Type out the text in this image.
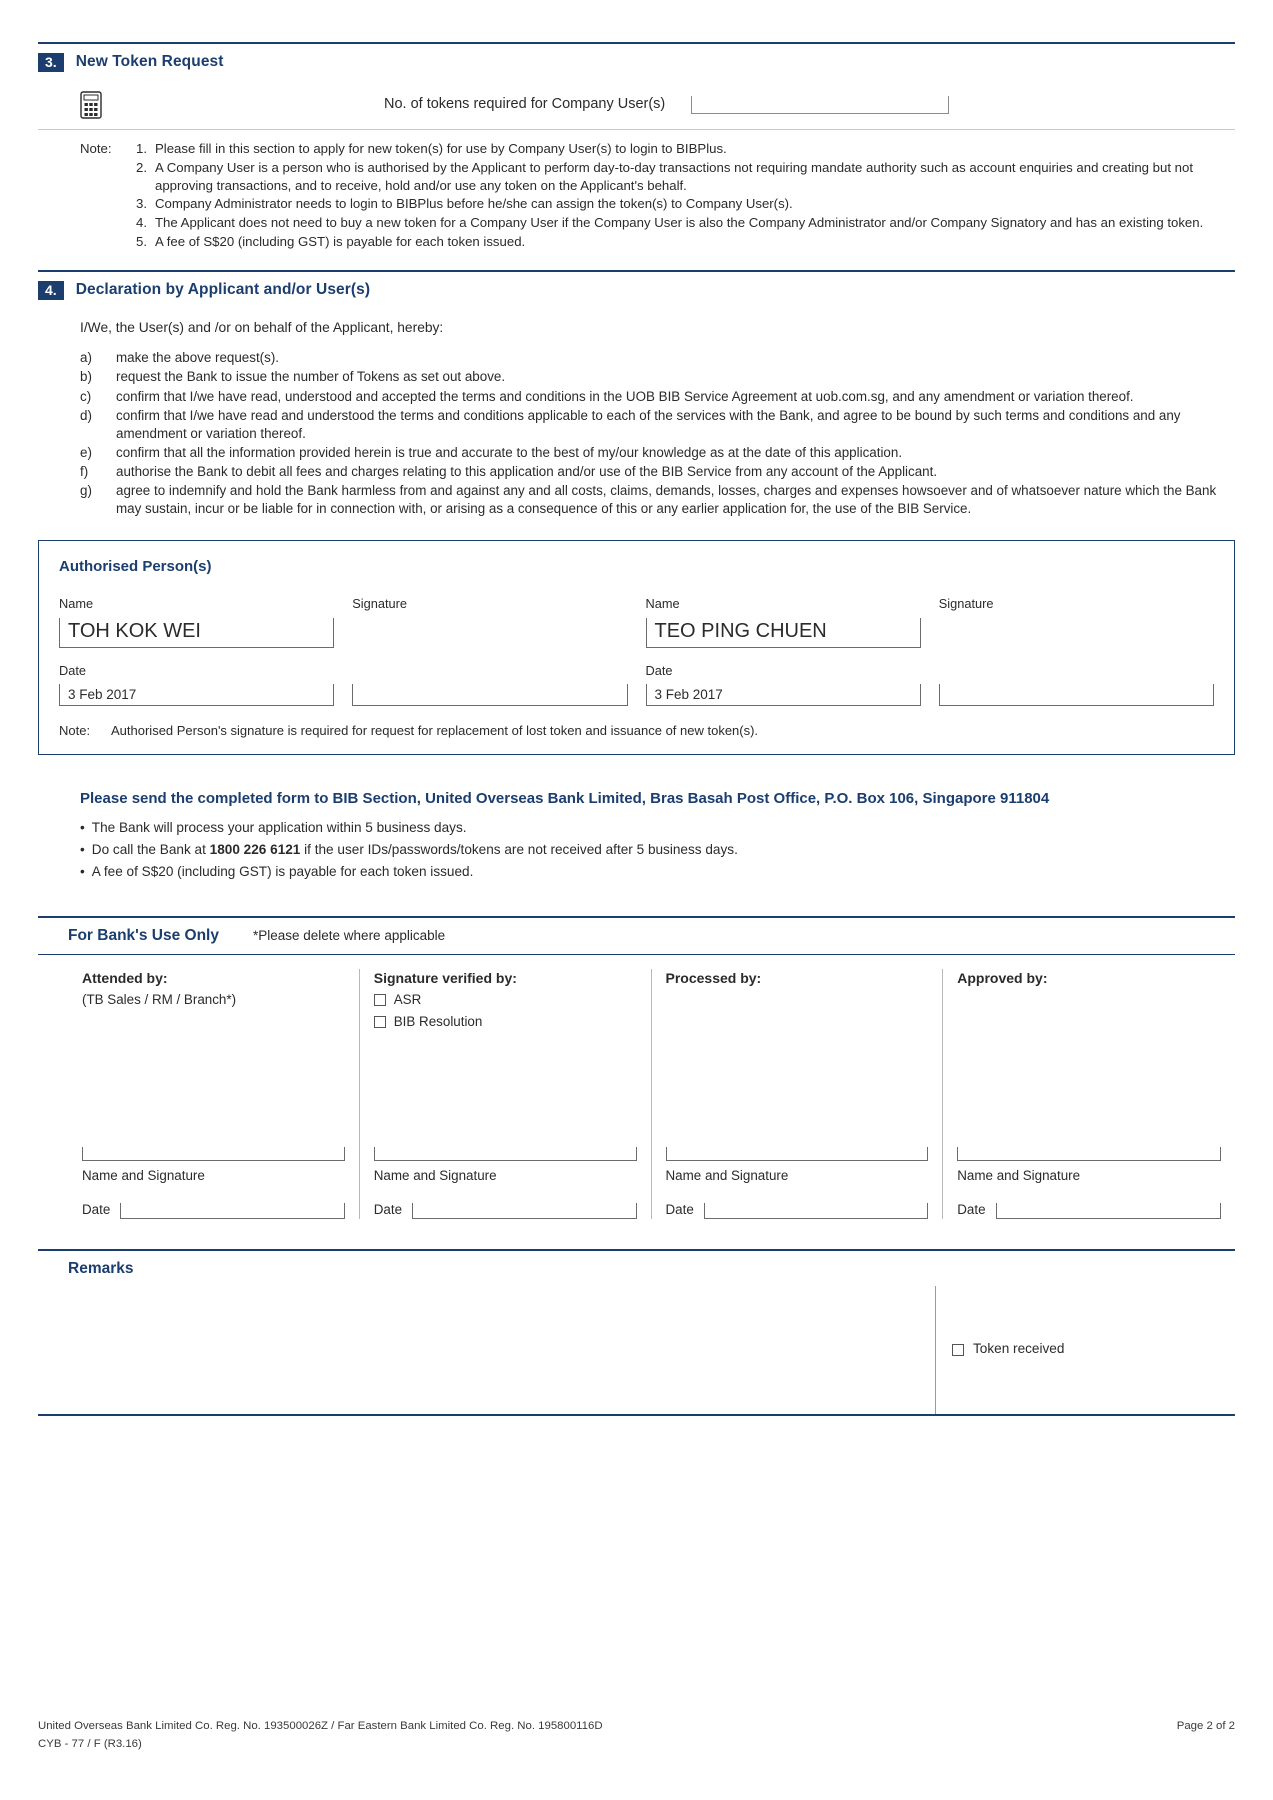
3.	New Token Request
No. of tokens required for Company User(s)
Note:	1. Please fill in this section to apply for new token(s) for use by Company User(s) to login to BIBPlus.
2. A Company User is a person who is authorised by the Applicant to perform day-to-day transactions not requiring mandate authority such as account enquiries and creating but not approving transactions, and to receive, hold and/or use any token on the Applicant's behalf.
3. Company Administrator needs to login to BIBPlus before he/she can assign the token(s) to Company User(s).
4. The Applicant does not need to buy a new token for a Company User if the Company User is also the Company Administrator and/or Company Signatory and has an existing token.
5. A fee of S$20 (including GST) is payable for each token issued.
4.	Declaration by Applicant and/or User(s)
I/We, the User(s) and /or on behalf of the Applicant, hereby:
a)	make the above request(s).
b)	request the Bank to issue the number of Tokens as set out above.
c)	confirm that I/we have read, understood and accepted the terms and conditions in the UOB BIB Service Agreement at uob.com.sg, and any amendment or variation thereof.
d)	confirm that I/we have read and understood the terms and conditions applicable to each of the services with the Bank, and agree to be bound by such terms and conditions and any amendment or variation thereof.
e)	confirm that all the information provided herein is true and accurate to the best of my/our knowledge as at the date of this application.
f)	authorise the Bank to debit all fees and charges relating to this application and/or use of the BIB Service from any account of the Applicant.
g)	agree to indemnify and hold the Bank harmless from and against any and all costs, claims, demands, losses, charges and expenses howsoever and of whatsoever nature which the Bank may sustain, incur or be liable for in connection with, or arising as a consequence of this or any earlier application for, the use of the BIB Service.
Authorised Person(s)
Name	Signature
TOH KOK WEI
Date
3 Feb 2017
Name	Signature
TEO PING CHUEN
Date
3 Feb 2017
Note:	Authorised Person's signature is required for request for replacement of lost token and issuance of new token(s).
Please send the completed form to BIB Section, United Overseas Bank Limited, Bras Basah Post Office, P.O. Box 106, Singapore 911804
• The Bank will process your application within 5 business days.
• Do call the Bank at 1800 226 6121 if the user IDs/passwords/tokens are not received after 5 business days.
• A fee of S$20 (including GST) is payable for each token issued.
For Bank's Use Only	*Please delete where applicable
Attended by:
(TB Sales / RM / Branch*)
Name and Signature
Date
Signature verified by:
ASR
BIB Resolution
Name and Signature
Date
Processed by:
Name and Signature
Date
Approved by:
Name and Signature
Date
Remarks
Token received
United Overseas Bank Limited Co. Reg. No. 193500026Z / Far Eastern Bank Limited Co. Reg. No. 195800116D
CYB - 77 / F (R3.16)
Page 2 of 2
